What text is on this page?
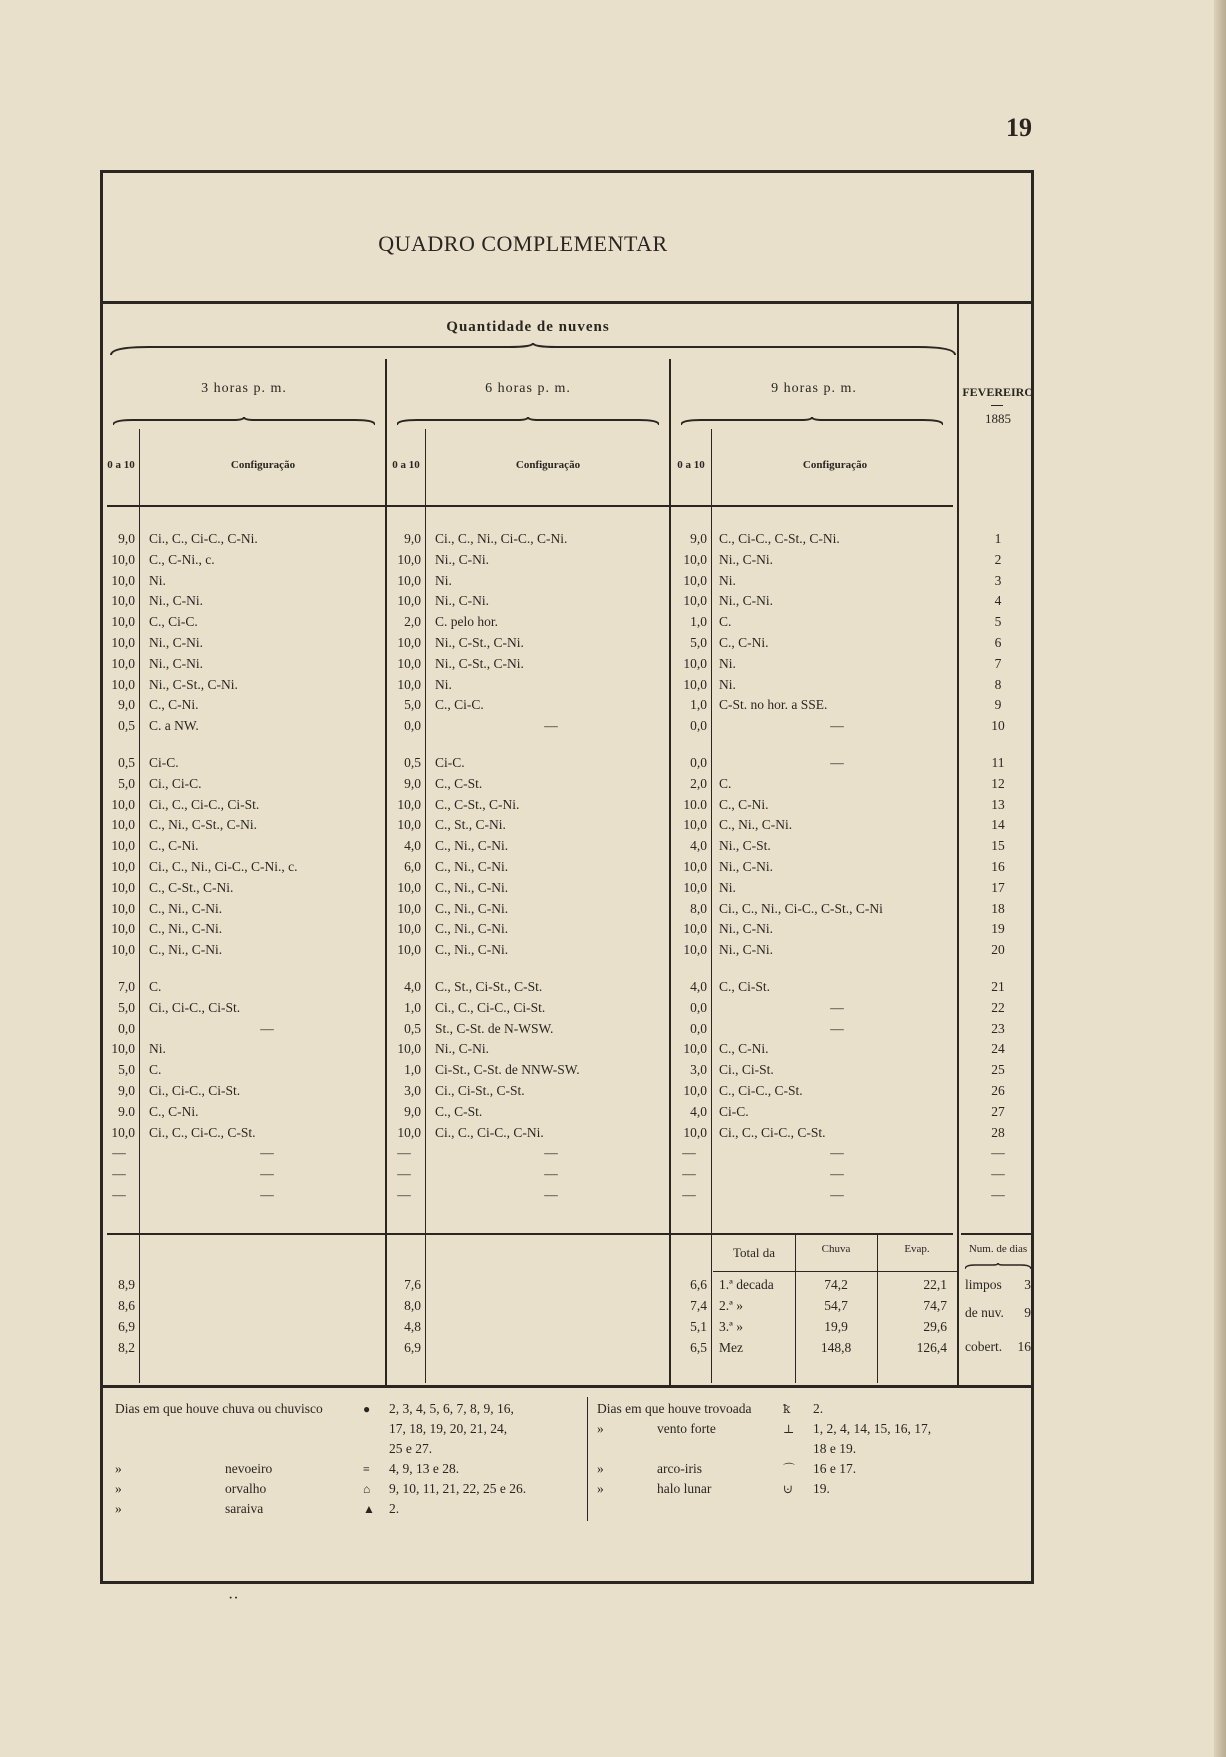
19
QUADRO COMPLEMENTAR
Quantidade de nuvens
3 horas p. m.	6 horas p. m.	9 horas p. m.	FEVEREIRO
1885
0 a 10	Configuração	0 a 10	Configuração	0 a 10	Configuração
9,0 Ci., C., Ci-C., C-Ni.	9,0 Ci., C., Ni., Ci-C., C-Ni.	9,0 C., Ci-C., C-St., C-Ni.	1
10,0 C., C-Ni., c.	10,0 Ni., C-Ni.	10,0 Ni., C-Ni.	2
10,0 Ni.	10,0 Ni.	10,0 Ni.	3
10,0 Ni., C-Ni.	10,0 Ni., C-Ni.	10,0 Ni., C-Ni.	4
10,0 C., Ci-C.	2,0 C. pelo hor.	1,0 C.	5
10,0 Ni., C-Ni.	10,0 Ni., C-St., C-Ni.	5,0 C., C-Ni.	6
10,0 Ni., C-Ni.	10,0 Ni., C-St., C-Ni.	10,0 Ni.	7
10,0 Ni., C-St., C-Ni.	10,0 Ni.	10,0 Ni.	8
9,0 C., C-Ni.	5,0 C., Ci-C.	1,0 C-St. no hor. a SSE.	9
0,5 C. a NW.	0,0	—	0,0	—	10
0,5 Ci-C.	0,5 Ci-C.	0,0	—	11
5,0 Ci., Ci-C.	9,0 C., C-St.	2,0 C.	12
10,0 Ci., C., Ci-C., Ci-St.	10,0 C., C-St., C-Ni.	10.0 C., C-Ni.	13
10,0 C., Ni., C-St., C-Ni.	10,0 C., St., C-Ni.	10,0 C., Ni., C-Ni.	14
10,0 C., C-Ni.	4,0 C., Ni., C-Ni.	4,0 Ni., C-St.	15
10,0 Ci., C., Ni., Ci-C., C-Ni., c.	6,0 C., Ni., C-Ni.	10,0 Ni., C-Ni.	16
10,0 C., C-St., C-Ni.	10,0 C., Ni., C-Ni.	10,0 Ni.	17
10,0 C., Ni., C-Ni.	10,0 C., Ni., C-Ni.	8,0 Ci., C., Ni., Ci-C., C-St., C-Ni	18
10,0 C., Ni., C-Ni.	10,0 C., Ni., C-Ni.	10,0 Ni., C-Ni.	19
10,0 C., Ni., C-Ni.	10,0 C., Ni., C-Ni.	10,0 Ni., C-Ni.	20
7,0 C.	4,0 C., St., Ci-St., C-St.	4,0 C., Ci-St.	21
5,0 Ci., Ci-C., Ci-St.	1,0 Ci., C., Ci-C., Ci-St.	0,0	—	22
0,0	—	0,5 St., C-St. de N-WSW.	0,0	—	23
10,0 Ni.	10,0 Ni., C-Ni.	10,0 C., C-Ni.	24
5,0 C.	1,0 Ci-St., C-St. de NNW-SW.	3,0 Ci., Ci-St.	25
9,0 Ci., Ci-C., Ci-St.	3,0 Ci., Ci-St., C-St.	10,0 C., Ci-C., C-St.	26
9.0 C., C-Ni.	9,0 C., C-St.	4,0 Ci-C.	27
10,0 Ci., C., Ci-C., C-St.	10,0 Ci., C., Ci-C., C-Ni.	10,0 Ci., C., Ci-C., C-St.	28
—	—	—	—	—	—	—
—	—	—	—	—	—	—
—	—	—	—	—	—	—
Total da	Chuva	Evap.	Num. de dias
8,9	7,6	6,6 1.ª decada	74,2	22,1
8,6	8,0	7,4 2.ª »	54,7	74,7
6,9	4,8	5,1 3.ª »	19,9	29,6
8,2	6,9	6,5 Mez	148,8	126,4
limpos	3
de nuv.	9
cobert.	16
Dias em que houve chuva ou chuvisco	● 2, 3, 4, 5, 6, 7, 8, 9, 16,
17, 18, 19, 20, 21, 24,
25 e 27.
»	nevoeiro	≡ 4, 9, 13 e 28.
»	orvalho	⌂ 9, 10, 11, 21, 22, 25 e 26.
»	saraiva	▲ 2.
Dias em que houve trovoada	ꝁ 2.
»	vento forte	⊥ 1, 2, 4, 14, 15, 16, 17,
18 e 19.
»	arco-iris	⌒ 16 e 17.
»	halo lunar	⊍ 19.
··
